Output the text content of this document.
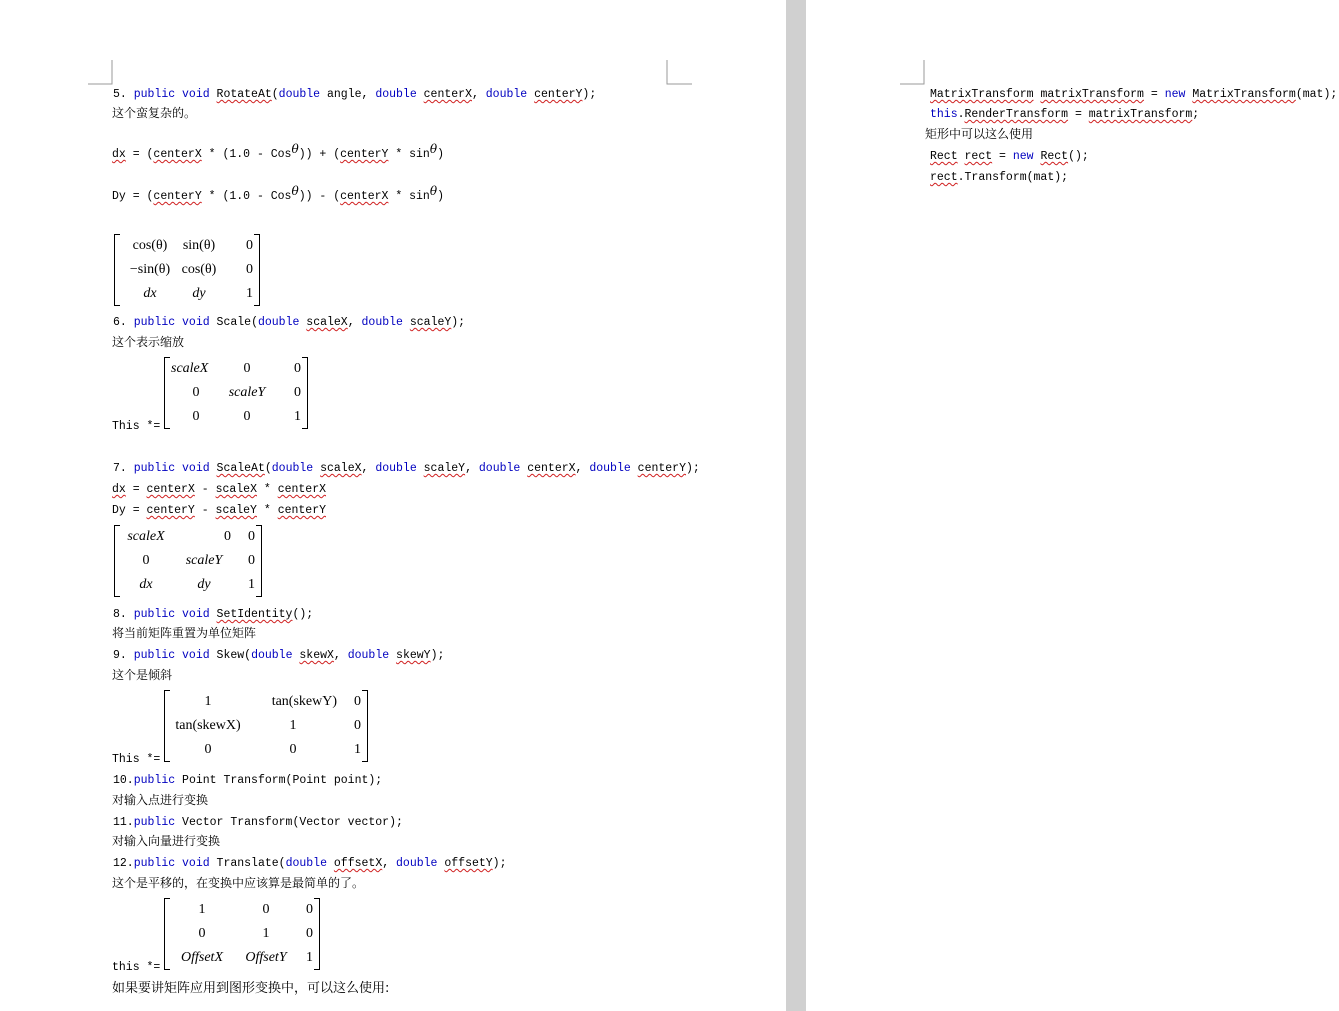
5. public void RotateAt(double angle, double centerX, double centerY);
这个蛮复杂的。
dx = (centerX * (1.0 - Cosθ)) + (centerY * sinθ)
Dy = (centerY * (1.0 - Cosθ)) - (centerX * sinθ)
cos(θ)	sin(θ)	0
−sin(θ)	cos(θ)	0
dx	dy	1
6. public void Scale(double scaleX, double scaleY);
这个表示缩放
This *=
scaleX	0	0
0	scaleY	0
0	0	1
7. public void ScaleAt(double scaleX, double scaleY, double centerX, double centerY);
dx = centerX - scaleX * centerX
Dy = centerY - scaleY * centerY
scaleX	0	0
0	scaleY	0
dx	dy	1
8. public void SetIdentity();
将当前矩阵重置为单位矩阵
9. public void Skew(double skewX, double skewY);
这个是倾斜
This *=
1	tan(skewY)	0
tan(skewX)	1	0
0	0	1
10.public Point Transform(Point point);
对输入点进行变换
11.public Vector Transform(Vector vector);
对输入向量进行变换
12.public void Translate(double offsetX, double offsetY);
这个是平移的，在变换中应该算是最简单的了。
this *=
1	0	0
0	1	0
OffsetX	OffsetY	1
如果要讲矩阵应用到图形变换中，可以这么使用:
MatrixTransform matrixTransform = new MatrixTransform(mat);
this.RenderTransform = matrixTransform;
矩形中可以这么使用
Rect rect = new Rect();
rect.Transform(mat);
